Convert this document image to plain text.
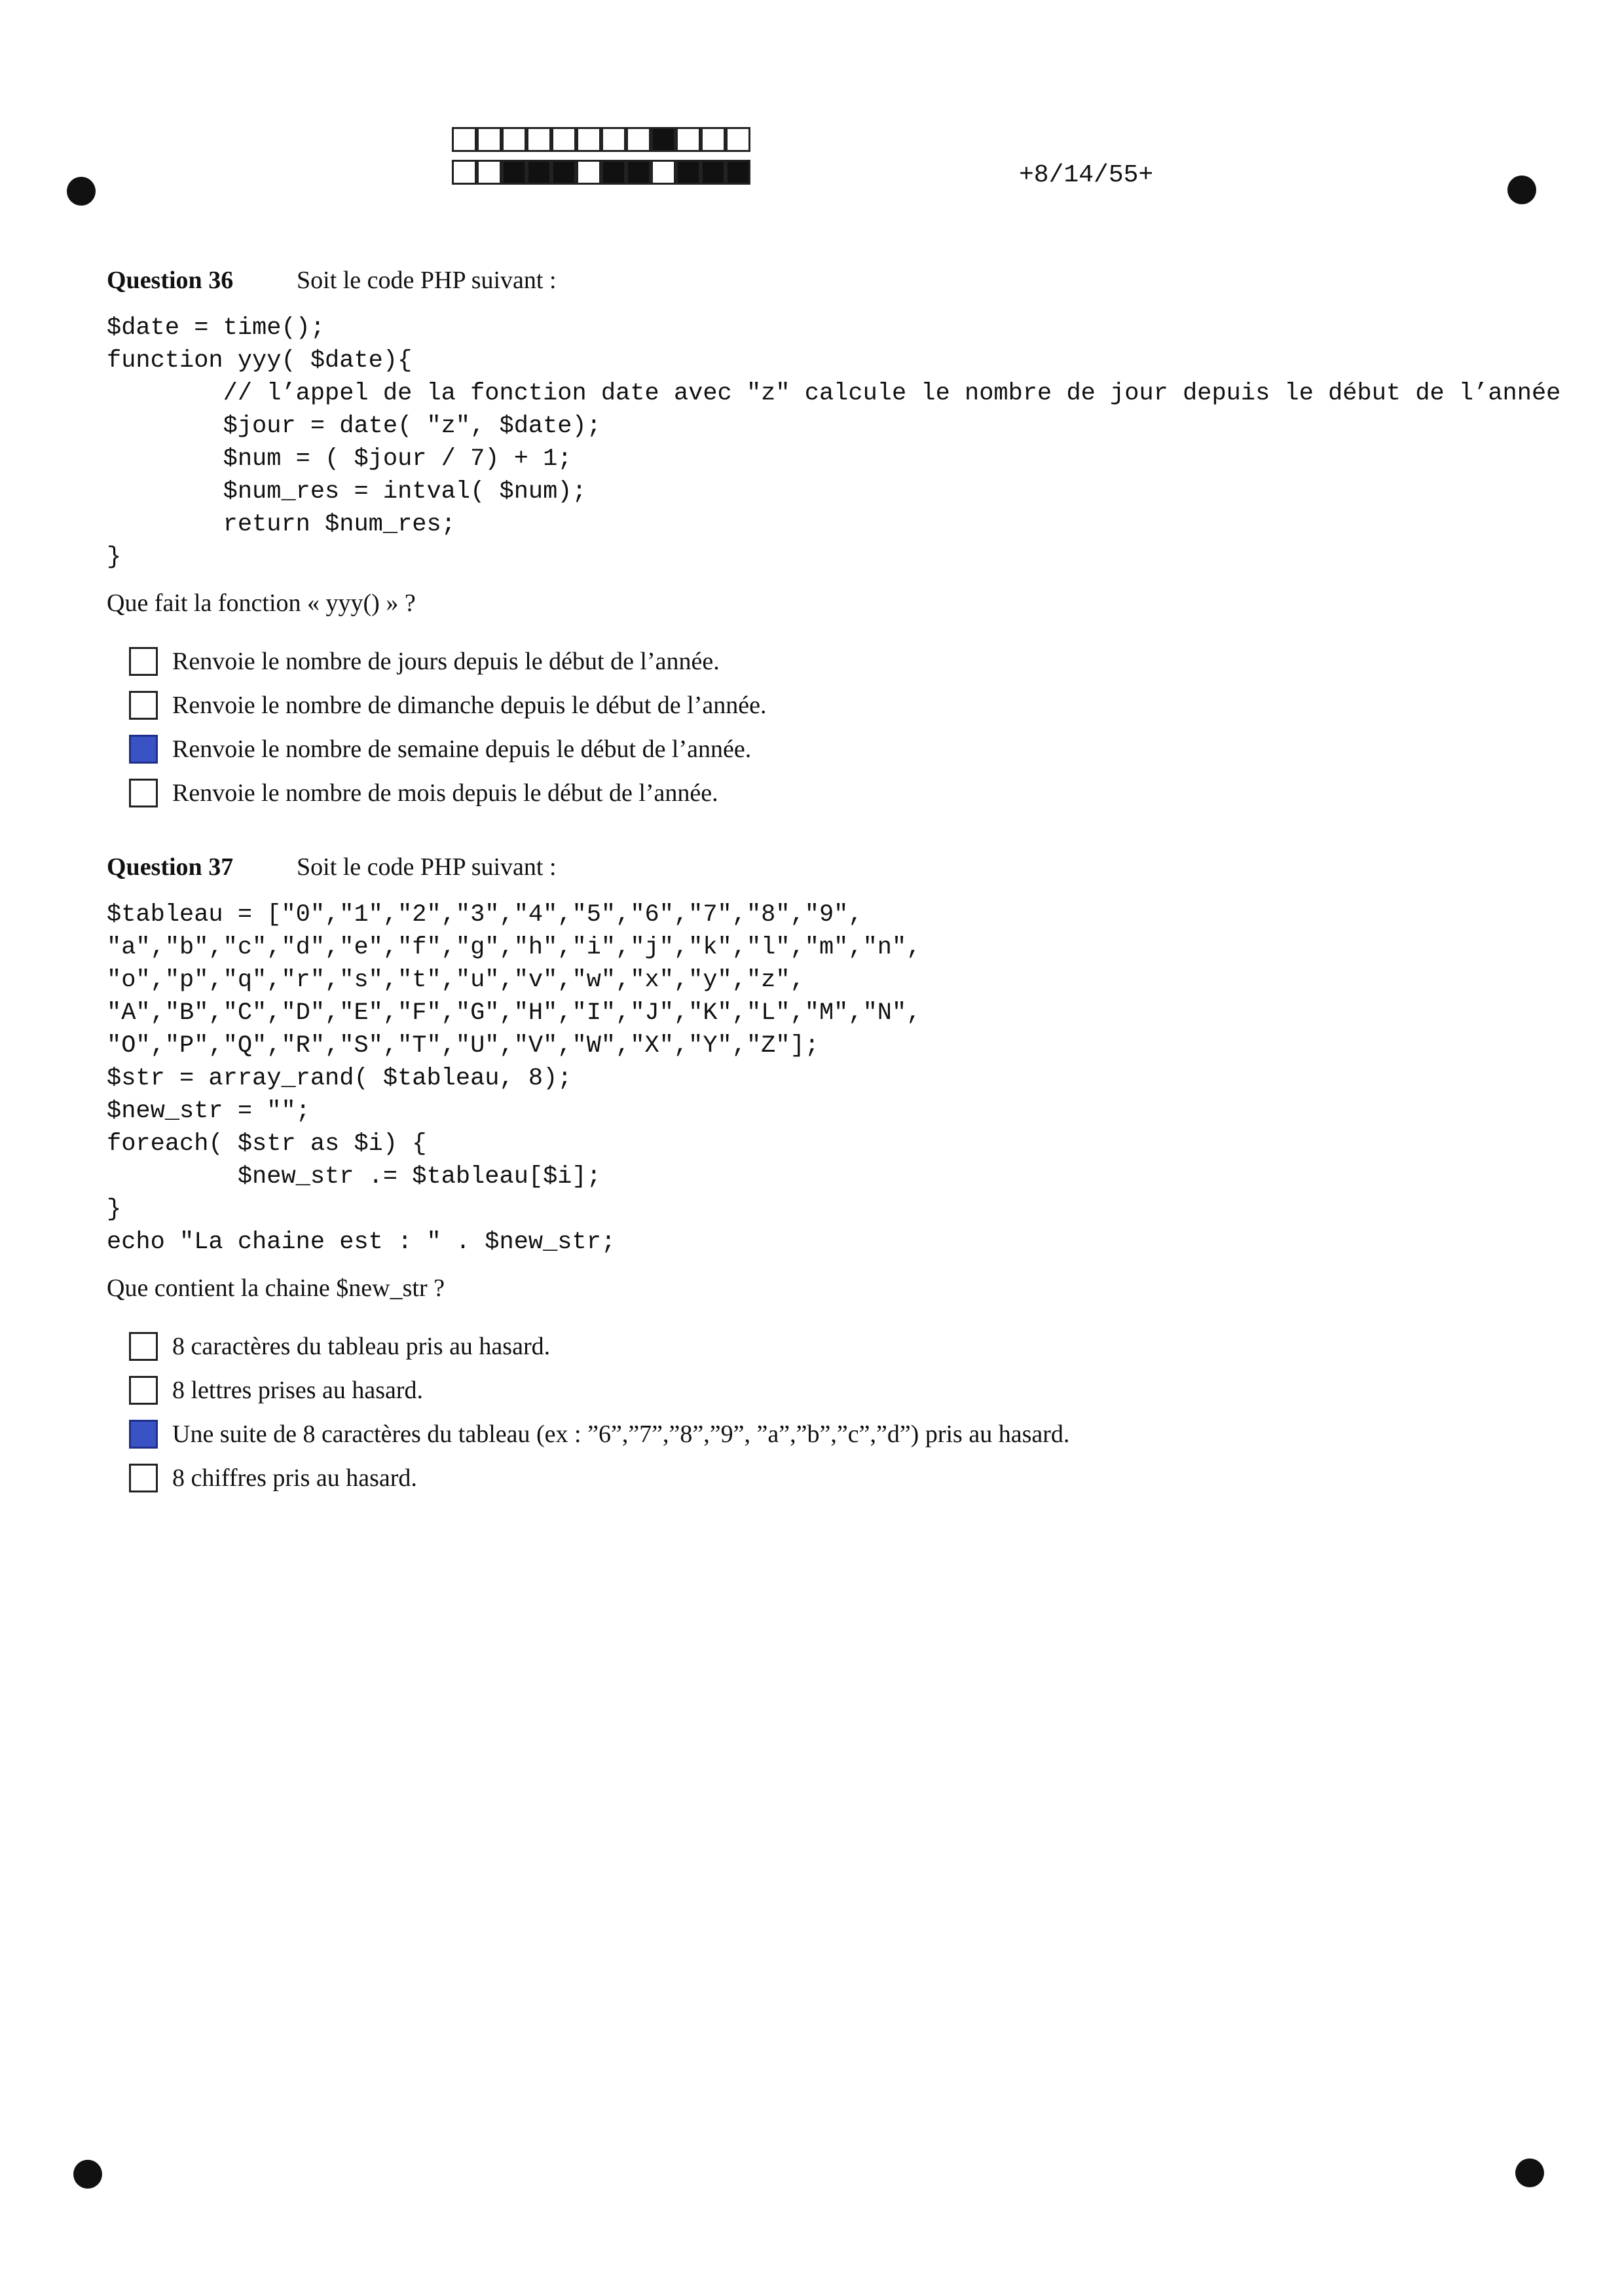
+8/14/55+
Question 36	Soit le code PHP suivant :
$date = time();
function yyy( $date){
// l’appel de la fonction date avec "z" calcule le nombre de jour depuis le début de l’année
$jour = date( "z", $date);
$num = ( $jour / 7) + 1;
$num_res = intval( $num);
return $num_res;
}
Que fait la fonction « yyy() » ?
Renvoie le nombre de jours depuis le début de l’année.
Renvoie le nombre de dimanche depuis le début de l’année.
Renvoie le nombre de semaine depuis le début de l’année.
Renvoie le nombre de mois depuis le début de l’année.
Question 37	Soit le code PHP suivant :
$tableau = ["0","1","2","3","4","5","6","7","8","9",
"a","b","c","d","e","f","g","h","i","j","k","l","m","n",
"o","p","q","r","s","t","u","v","w","x","y","z",
"A","B","C","D","E","F","G","H","I","J","K","L","M","N",
"O","P","Q","R","S","T","U","V","W","X","Y","Z"];
$str = array_rand( $tableau, 8);
$new_str = "";
foreach( $str as $i) {
$new_str .= $tableau[$i];
}
echo "La chaine est : " . $new_str;
Que contient la chaine $new_str ?
8 caractères du tableau pris au hasard.
8 lettres prises au hasard.
Une suite de 8 caractères du tableau (ex : ”6”,”7”,”8”,”9”, ”a”,”b”,”c”,”d”) pris au hasard.
8 chiffres pris au hasard.
